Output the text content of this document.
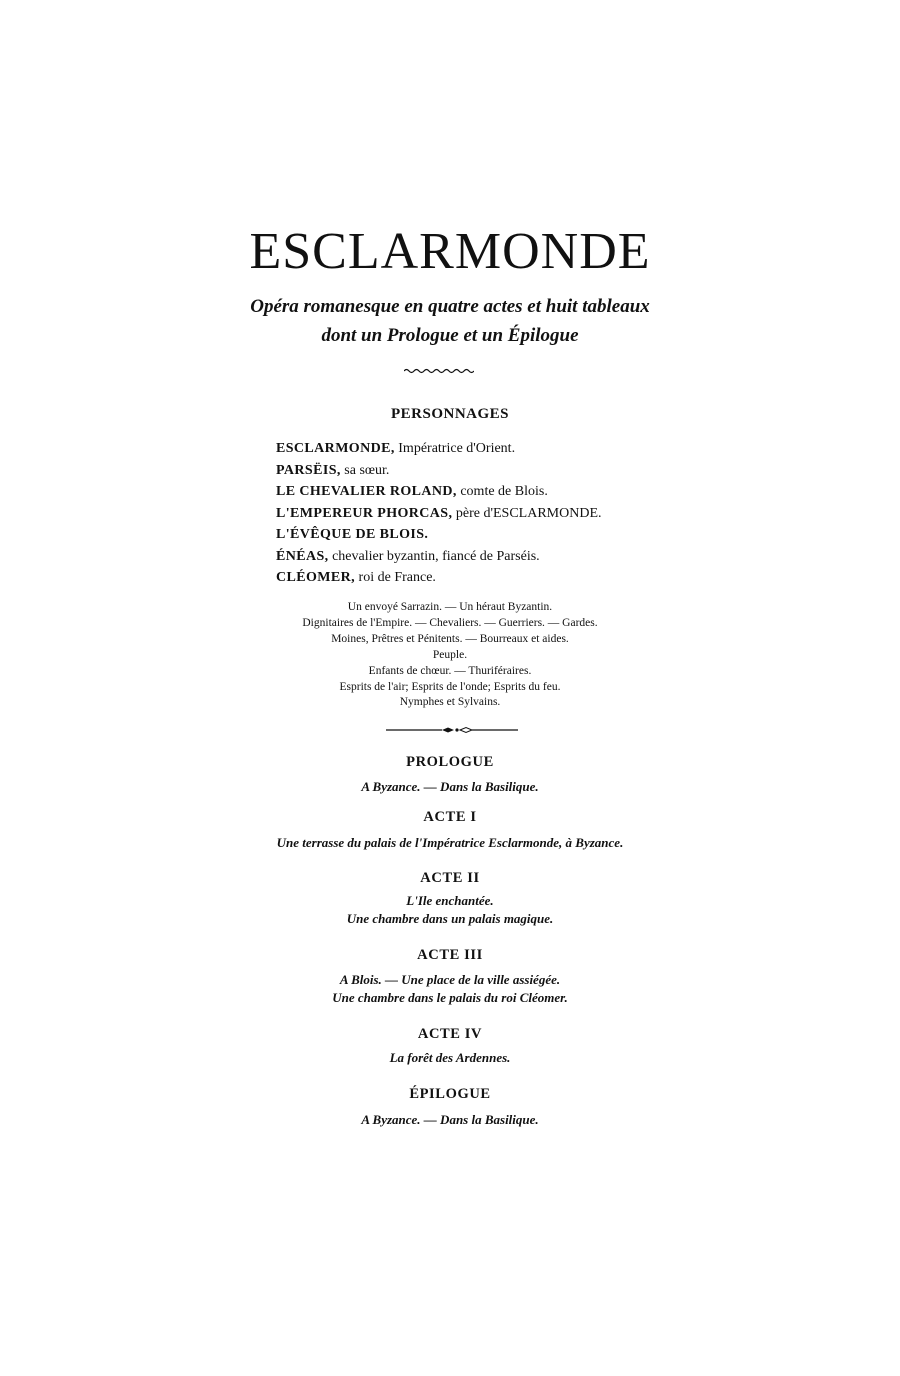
ESCLARMONDE
Opéra romanesque en quatre actes et huit tableaux
dont un Prologue et un Épilogue
PERSONNAGES
ESCLARMONDE, Impératrice d'Orient.
PARSËIS, sa sœur.
LE CHEVALIER ROLAND, comte de Blois.
L'EMPEREUR PHORCAS, père d'ESCLARMONDE.
L'ÉVÊQUE DE BLOIS.
ÉNÉAS, chevalier byzantin, fiancé de Parséis.
CLÉOMER, roi de France.
Un envoyé Sarrazin. — Un héraut Byzantin.
Dignitaires de l'Empire. — Chevaliers. — Guerriers. — Gardes.
Moines, Prêtres et Pénitents. — Bourreaux et aides.
Peuple.
Enfants de chœur. — Thuriféraires.
Esprits de l'air; Esprits de l'onde; Esprits du feu.
Nymphes et Sylvains.
PROLOGUE
A Byzance. — Dans la Basilique.
ACTE I
Une terrasse du palais de l'Impératrice Esclarmonde, à Byzance.
ACTE II
L'Ile enchantée.
Une chambre dans un palais magique.
ACTE III
A Blois. — Une place de la ville assiégée.
Une chambre dans le palais du roi Cléomer.
ACTE IV
La forêt des Ardennes.
ÉPILOGUE
A Byzance. — Dans la Basilique.
